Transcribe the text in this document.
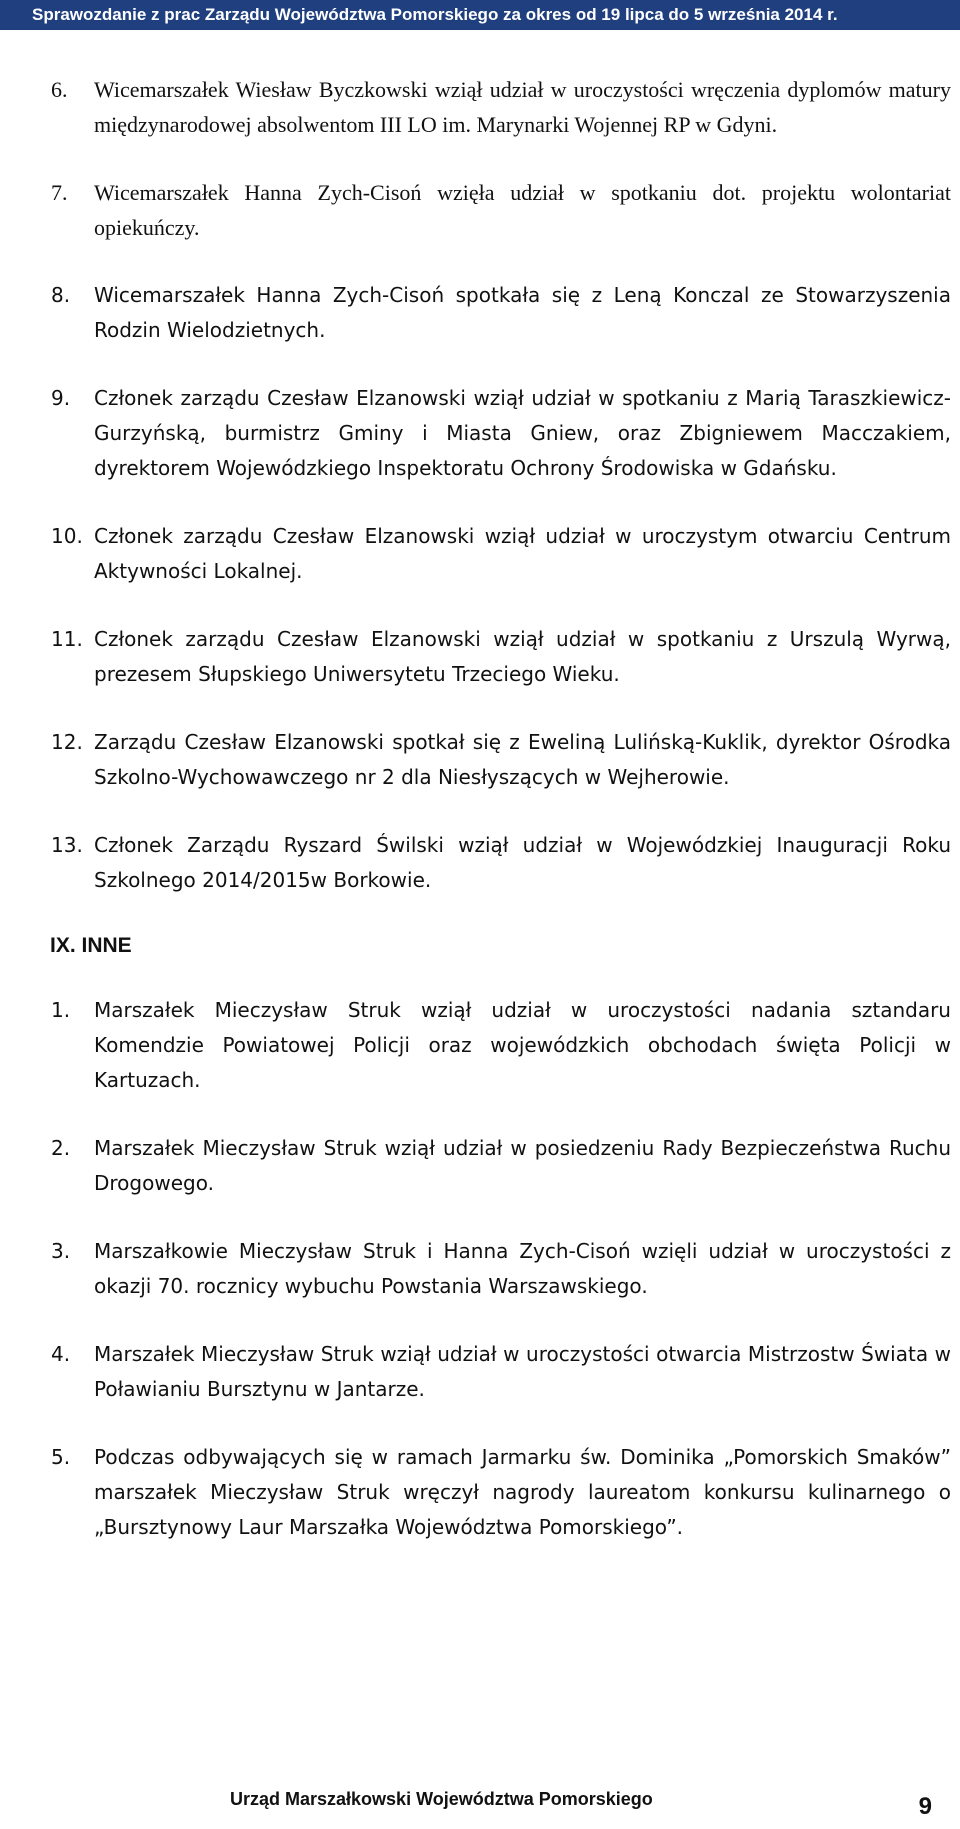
Sprawozdanie z prac Zarządu Województwa Pomorskiego za okres od 19 lipca do 5 września 2014 r.
6.	Wicemarszałek Wiesław Byczkowski wziął udział w uroczystości wręczenia dyplomów matury międzynarodowej absolwentom III LO im. Marynarki Wojennej RP w Gdyni.
7.	Wicemarszałek Hanna Zych-Cisoń wzięła udział w spotkaniu dot. projektu wolontariat opiekuńczy.
8.	Wicemarszałek Hanna Zych-Cisoń spotkała się z Leną Konczal ze Stowarzyszenia Rodzin Wielodzietnych.
9.	Członek zarządu Czesław Elzanowski wziął udział w spotkaniu z Marią Taraszkiewicz-Gurzyńską, burmistrz Gminy i Miasta Gniew, oraz Zbigniewem Macczakiem, dyrektorem Wojewódzkiego Inspektoratu Ochrony Środowiska w Gdańsku.
10. Członek zarządu Czesław Elzanowski wziął udział w uroczystym otwarciu Centrum Aktywności Lokalnej.
11. Członek zarządu Czesław Elzanowski wziął udział w spotkaniu z Urszulą Wyrwą, prezesem Słupskiego Uniwersytetu Trzeciego Wieku.
12. Zarządu Czesław Elzanowski spotkał się z Eweliną Lulińską-Kuklik, dyrektor Ośrodka Szkolno-Wychowawczego nr 2 dla Niesłyszących w Wejherowie.
13. Członek Zarządu Ryszard Świlski wziął udział w Wojewódzkiej Inauguracji Roku Szkolnego 2014/2015w Borkowie.
IX. INNE
1.	Marszałek Mieczysław Struk wziął udział w uroczystości nadania sztandaru Komendzie Powiatowej Policji oraz wojewódzkich obchodach święta Policji w Kartuzach.
2.	Marszałek Mieczysław Struk wziął udział w posiedzeniu Rady Bezpieczeństwa Ruchu Drogowego.
3.	Marszałkowie Mieczysław Struk i Hanna Zych-Cisoń wzięli udział w uroczystości z okazji 70. rocznicy wybuchu Powstania Warszawskiego.
4.	Marszałek Mieczysław Struk wziął udział w uroczystości otwarcia Mistrzostw Świata w Poławianiu Bursztynu w Jantarze.
5.	Podczas odbywających się w ramach Jarmarku św. Dominika „Pomorskich Smaków” marszałek Mieczysław Struk wręczył nagrody laureatom konkursu kulinarnego o „Bursztynowy Laur Marszałka Województwa Pomorskiego”.
Urząd Marszałkowski Województwa Pomorskiego	9
